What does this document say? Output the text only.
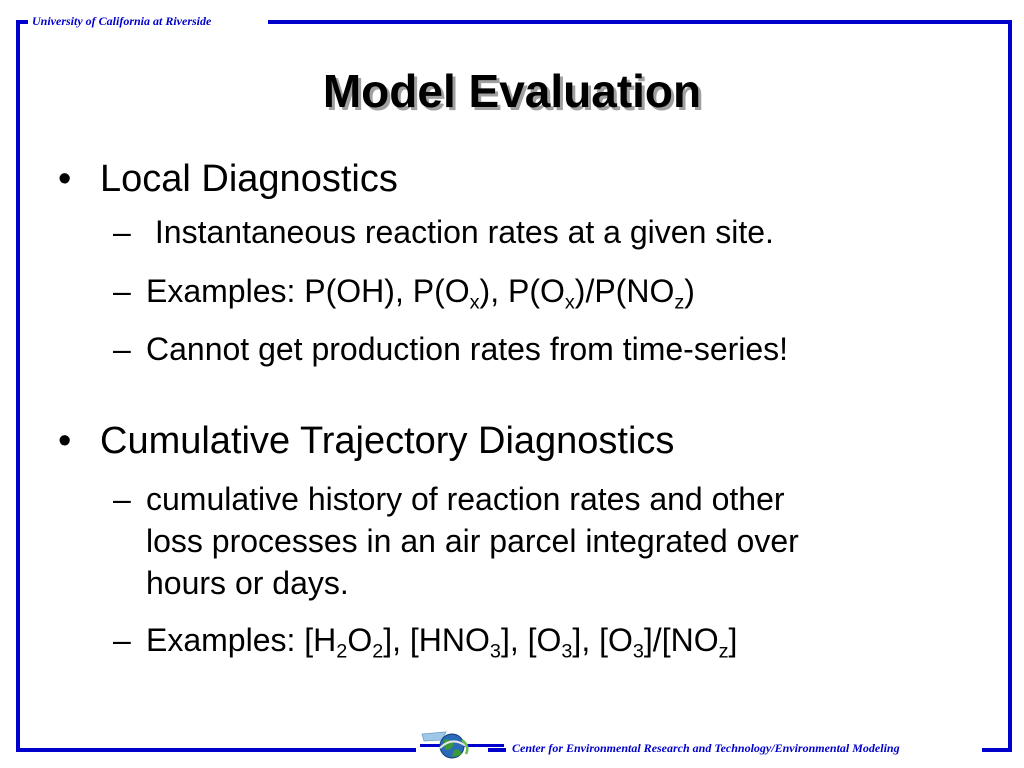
University of California at Riverside
Center for Environmental Research and Technology/Environmental Modeling
Model Evaluation
• Local Diagnostics
– Instantaneous reaction rates at a given site.
– Examples: P(OH), $P(O_x)$, $P(O_x)/P(NO_z)$
– Cannot get production rates from time-series!
• Cumulative Trajectory Diagnostics
– cumulative history of reaction rates and other
loss processes in an air parcel integrated over
hours or days.
– Examples: $[H_2O_2]$, $[HNO_3]$, $[O_3]$, $[O_3]/[NO_z]$
